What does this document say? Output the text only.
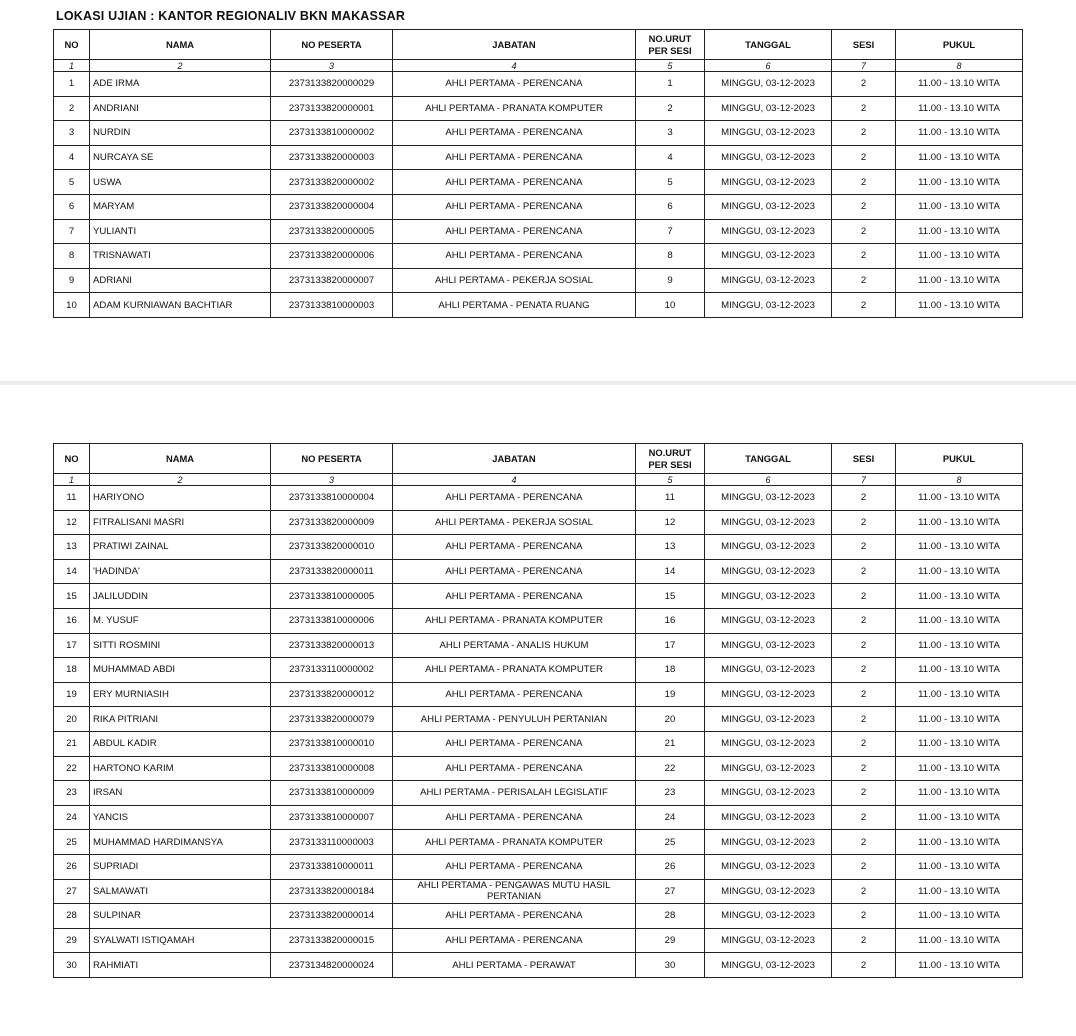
LOKASI UJIAN : KANTOR REGIONALIV BKN MAKASSAR
NO	NAMA	NO PESERTA	JABATAN	NO.URUT
PER SESI	TANGGAL	SESI	PUKUL
1	2	3	4	5	6	7	8
1	ADE IRMA	2373133820000029	AHLI PERTAMA - PERENCANA	1	MINGGU, 03-12-2023	2	11.00 - 13.10 WITA
2	ANDRIANI	2373133820000001	AHLI PERTAMA - PRANATA KOMPUTER	2	MINGGU, 03-12-2023	2	11.00 - 13.10 WITA
3	NURDIN	2373133810000002	AHLI PERTAMA - PERENCANA	3	MINGGU, 03-12-2023	2	11.00 - 13.10 WITA
4	NURCAYA SE	2373133820000003	AHLI PERTAMA - PERENCANA	4	MINGGU, 03-12-2023	2	11.00 - 13.10 WITA
5	USWA	2373133820000002	AHLI PERTAMA - PERENCANA	5	MINGGU, 03-12-2023	2	11.00 - 13.10 WITA
6	MARYAM	2373133820000004	AHLI PERTAMA - PERENCANA	6	MINGGU, 03-12-2023	2	11.00 - 13.10 WITA
7	YULIANTI	2373133820000005	AHLI PERTAMA - PERENCANA	7	MINGGU, 03-12-2023	2	11.00 - 13.10 WITA
8	TRISNAWATI	2373133820000006	AHLI PERTAMA - PERENCANA	8	MINGGU, 03-12-2023	2	11.00 - 13.10 WITA
9	ADRIANI	2373133820000007	AHLI PERTAMA - PEKERJA SOSIAL	9	MINGGU, 03-12-2023	2	11.00 - 13.10 WITA
10	ADAM KURNIAWAN BACHTIAR	2373133810000003	AHLI PERTAMA - PENATA RUANG	10	MINGGU, 03-12-2023	2	11.00 - 13.10 WITA
NO	NAMA	NO PESERTA	JABATAN	NO.URUT
PER SESI	TANGGAL	SESI	PUKUL
1	2	3	4	5	6	7	8
11	HARIYONO	2373133810000004	AHLI PERTAMA - PERENCANA	11	MINGGU, 03-12-2023	2	11.00 - 13.10 WITA
12	FITRALISANI MASRI	2373133820000009	AHLI PERTAMA - PEKERJA SOSIAL	12	MINGGU, 03-12-2023	2	11.00 - 13.10 WITA
13	PRATIWI ZAINAL	2373133820000010	AHLI PERTAMA - PERENCANA	13	MINGGU, 03-12-2023	2	11.00 - 13.10 WITA
14	'HADINDA'	2373133820000011	AHLI PERTAMA - PERENCANA	14	MINGGU, 03-12-2023	2	11.00 - 13.10 WITA
15	JALILUDDIN	2373133810000005	AHLI PERTAMA - PERENCANA	15	MINGGU, 03-12-2023	2	11.00 - 13.10 WITA
16	M. YUSUF	2373133810000006	AHLI PERTAMA - PRANATA KOMPUTER	16	MINGGU, 03-12-2023	2	11.00 - 13.10 WITA
17	SITTI ROSMINI	2373133820000013	AHLI PERTAMA - ANALIS HUKUM	17	MINGGU, 03-12-2023	2	11.00 - 13.10 WITA
18	MUHAMMAD ABDI	2373133110000002	AHLI PERTAMA - PRANATA KOMPUTER	18	MINGGU, 03-12-2023	2	11.00 - 13.10 WITA
19	ERY MURNIASIH	2373133820000012	AHLI PERTAMA - PERENCANA	19	MINGGU, 03-12-2023	2	11.00 - 13.10 WITA
20	RIKA PITRIANI	2373133820000079	AHLI PERTAMA - PENYULUH PERTANIAN	20	MINGGU, 03-12-2023	2	11.00 - 13.10 WITA
21	ABDUL KADIR	2373133810000010	AHLI PERTAMA - PERENCANA	21	MINGGU, 03-12-2023	2	11.00 - 13.10 WITA
22	HARTONO KARIM	2373133810000008	AHLI PERTAMA - PERENCANA	22	MINGGU, 03-12-2023	2	11.00 - 13.10 WITA
23	IRSAN	2373133810000009	AHLI PERTAMA - PERISALAH LEGISLATIF	23	MINGGU, 03-12-2023	2	11.00 - 13.10 WITA
24	YANCIS	2373133810000007	AHLI PERTAMA - PERENCANA	24	MINGGU, 03-12-2023	2	11.00 - 13.10 WITA
25	MUHAMMAD HARDIMANSYA	2373133110000003	AHLI PERTAMA - PRANATA KOMPUTER	25	MINGGU, 03-12-2023	2	11.00 - 13.10 WITA
26	SUPRIADI	2373133810000011	AHLI PERTAMA - PERENCANA	26	MINGGU, 03-12-2023	2	11.00 - 13.10 WITA
27	SALMAWATI	2373133820000184	AHLI PERTAMA - PENGAWAS MUTU HASIL PERTANIAN	27	MINGGU, 03-12-2023	2	11.00 - 13.10 WITA
28	SULPINAR	2373133820000014	AHLI PERTAMA - PERENCANA	28	MINGGU, 03-12-2023	2	11.00 - 13.10 WITA
29	SYALWATI ISTIQAMAH	2373133820000015	AHLI PERTAMA - PERENCANA	29	MINGGU, 03-12-2023	2	11.00 - 13.10 WITA
30	RAHMIATI	2373134820000024	AHLI PERTAMA - PERAWAT	30	MINGGU, 03-12-2023	2	11.00 - 13.10 WITA
